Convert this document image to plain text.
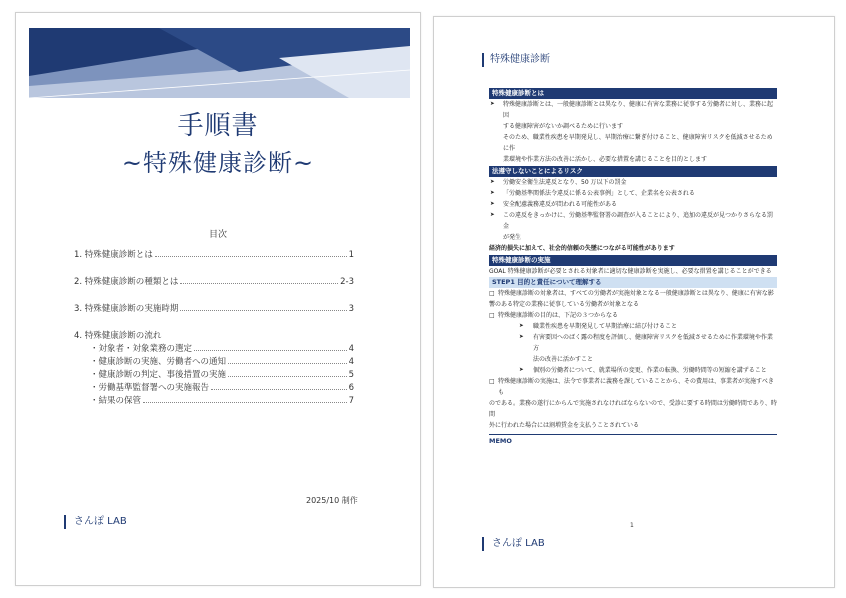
手順書
~特殊健康診断~
目次
1. 特殊健康診断とは	1
2. 特殊健康診断の種類とは	2-3
3. 特殊健康診断の実施時期	3
4. 特殊健康診断の流れ
・対象者・対象業務の選定	4
・健康診断の実施、労働者への通知	4
・健康診断の判定、事後措置の実施	5
・労働基準監督署への実施報告	6
・結果の保管	7
2025/10 制作
さんぽ LAB
特殊健康診断
特殊健康診断とは
➤ 特殊健康診断とは、一般健康診断とは異なり、健康に有害な業務に従事する労働者に対し、業務に起因
する健康障害がないか調べるために行います
そのため、職業性疾患を早期発見し、早期治療に繋ぎ付けること、健康障害リスクを低減させるために作
業環境や作業方法の改善に活かし、必要な措置を講じることを目的とします
法遵守しないことによるリスク
➤ 労働安全衛生法違反となり、50 万以下の罰金
➤ 「労働基準関係法令違反に係る公表事例」として、企業名を公表される
➤ 安全配慮義務違反が問われる可能性がある
➤ この違反をきっかけに、労働基準監督署の調査が入ることにより、追加の違反が見つかりさらなる罰金
が発生
経済的損失に加えて、社会的信頼の失墜につながる可能性があります
特殊健康診断の実施
GOAL 特殊健康診断が必要とされる対象者に適切な健康診断を実施し、必要な措置を講じることができる
STEP1 目的と責任について理解する
□ 特殊健康診断の対象者は、すべての労働者が実施対象となる一般健康診断とは異なり、健康に有害な影
響のある特定の業務に従事している労働者が対象となる
□ 特殊健康診断の目的は、下記の３つからなる
➤ 職業性疾患を早期発見して早期治療に結び付けること
➤ 有害要因へのばく露の程度を評価し、健康障害リスクを低減させるために作業環境や作業方
法の改善に活かすこと
➤ 個別の労働者について、就業場所の変更、作業の転換、労働時間等の短縮を講ずること
□ 特殊健康診断の実施は、法令で事業者に義務を課していることから、その費用は、事業者が実施すべきも
のである。業務の遂行にからんで実施されなければならないので、受診に要する時間は労働時間であり、時間
外に行われた場合には割増賃金を支払うことされている
MEMO
1
さんぽ LAB
